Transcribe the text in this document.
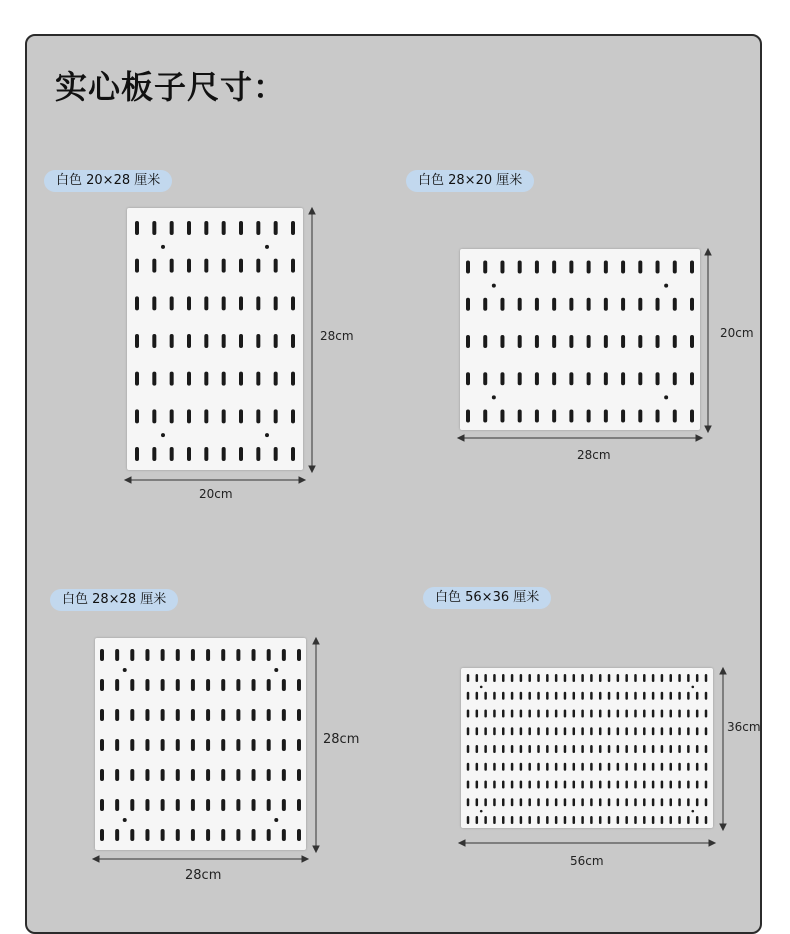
实心板子尺寸：
白色 20×28 厘米
28cm
20cm
白色 28×20 厘米
20cm
28cm
白色 28×28 厘米
28cm
28cm
白色 56×36 厘米
36cm
56cm
